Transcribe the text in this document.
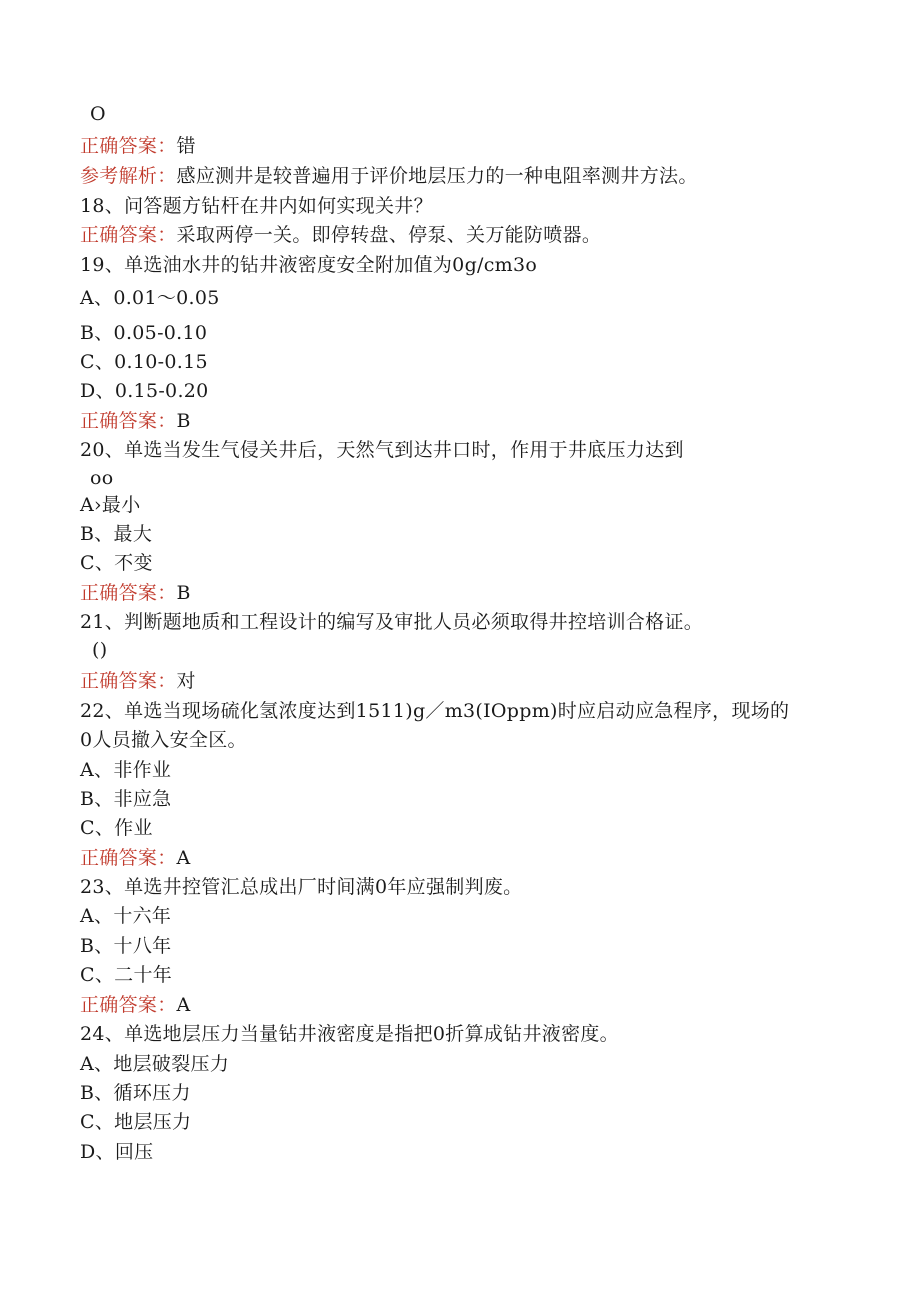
O
正确答案：错
参考解析：感应测井是较普遍用于评价地层压力的一种电阻率测井方法。
18、问答题方钻杆在井内如何实现关井？
正确答案：采取两停一关。即停转盘、停泵、关万能防喷器。
19、单选油水井的钻井液密度安全附加值为0g/cm3o
A、0.01～0.05
B、0.05-0.10
C、0.10-0.15
D、0.15-0.20
正确答案：B
20、单选当发生气侵关井后，天然气到达井口时，作用于井底压力达到
oo
A›最小
B、最大
C、不变
正确答案：B
21、判断题地质和工程设计的编写及审批人员必须取得井控培训合格证。
()
正确答案：对
22、单选当现场硫化氢浓度达到1511)g／m3(IOppm)时应启动应急程序，现场的
0人员撤入安全区。
A、非作业
B、非应急
C、作业
正确答案：A
23、单选井控管汇总成出厂时间满0年应强制判废。
A、十六年
B、十八年
C、二十年
正确答案：A
24、单选地层压力当量钻井液密度是指把0折算成钻井液密度。
A、地层破裂压力
B、循环压力
C、地层压力
D、回压
